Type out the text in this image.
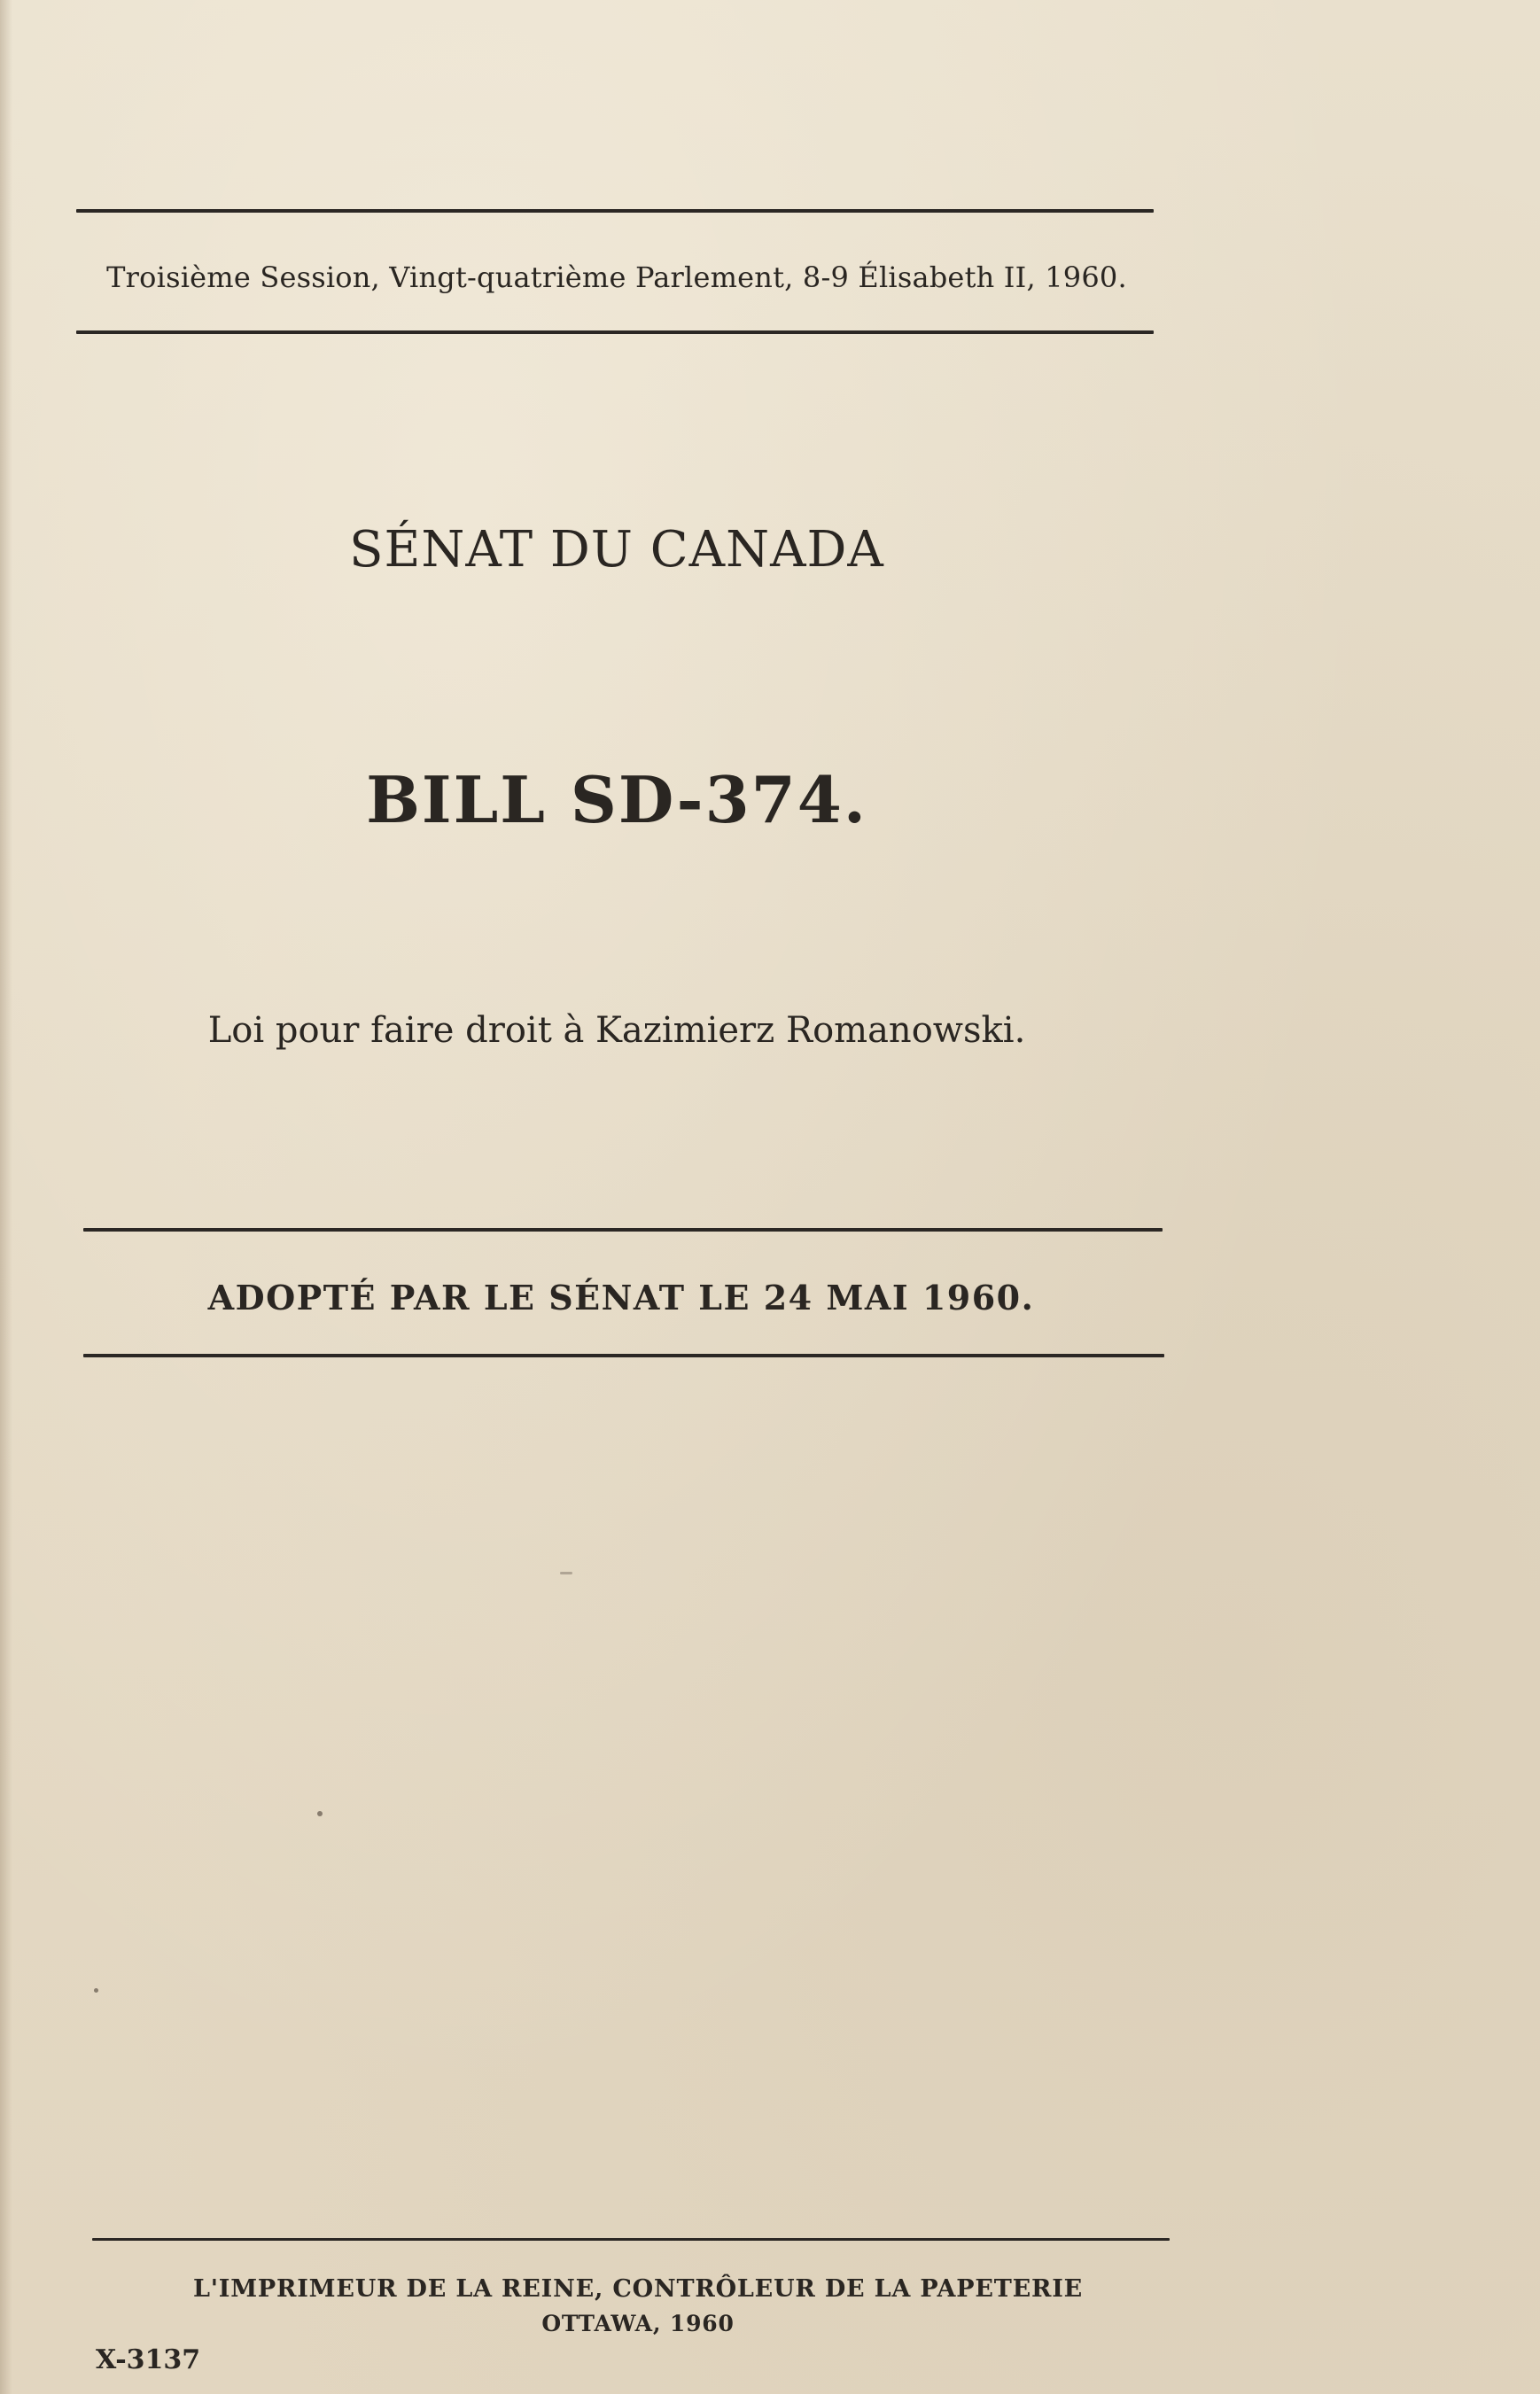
Troisième Session, Vingt-quatrième Parlement, 8-9 Élisabeth II, 1960.
SÉNAT DU CANADA
BILL SD-374.
Loi pour faire droit à Kazimierz Romanowski.
ADOPTÉ PAR LE SÉNAT LE 24 MAI 1960.
L'IMPRIMEUR DE LA REINE, CONTRÔLEUR DE LA PAPETERIE
OTTAWA, 1960
X-3137
